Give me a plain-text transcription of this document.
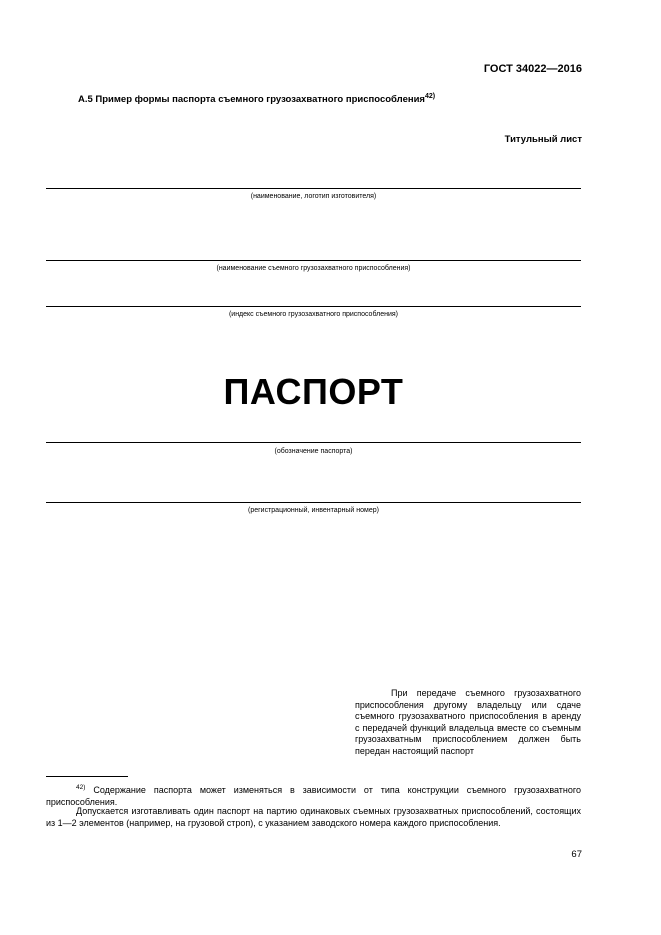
ГОСТ 34022—2016
А.5 Пример формы паспорта съемного грузозахватного приспособления$^{42)}$
Титульный лист
(наименование, логотип изготовителя)
(наименование съемного грузозахватного приспособления)
(индекс съемного грузозахватного приспособления)
ПАСПОРТ
(обозначение паспорта)
(регистрационный, инвентарный номер)
При передаче съемного грузозахватного приспособления другому владельцу или сдаче съемного грузозахватного приспособления в аренду с передачей функций владельца вместе со съемным грузозахватным приспособлением должен быть передан настоящий паспорт
$^{42)}$ Содержание паспорта может изменяться в зависимости от типа конструкции съемного грузозахватного приспособления.
Допускается изготавливать один паспорт на партию одинаковых съемных грузозахватных приспособлений, состоящих из 1—2 элементов (например, на грузовой строп), с указанием заводского номера каждого приспособления.
67
